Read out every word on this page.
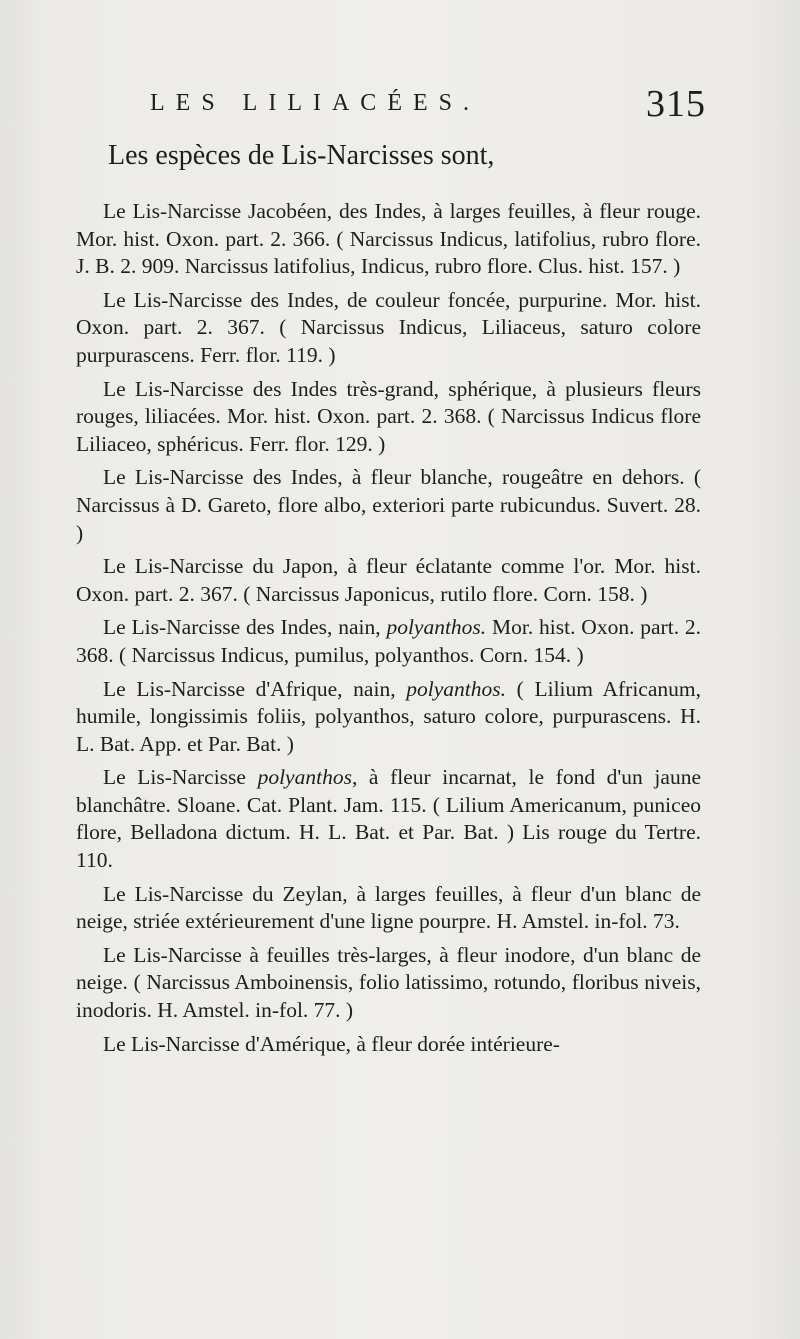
LES LILIACÉES.	315
Les espèces de Lis-Narcisses sont,

Le Lis-Narcisse Jacobéen, des Indes, à larges feuilles, à fleur rouge. Mor. hist. Oxon. part. 2. 366. ( Narcissus Indicus, latifolius, rubro flore. J. B. 2. 909. Narcissus latifolius, Indicus, rubro flore. Clus. hist. 157. )

Le Lis-Narcisse des Indes, de couleur foncée, purpurine. Mor. hist. Oxon. part. 2. 367. ( Narcissus Indicus, Liliaceus, saturo colore purpurascens. Ferr. flor. 119. )

Le Lis-Narcisse des Indes très-grand, sphérique, à plusieurs fleurs rouges, liliacées. Mor. hist. Oxon. part. 2. 368. ( Narcissus Indicus flore Liliaceo, sphéricus. Ferr. flor. 129. )

Le Lis-Narcisse des Indes, à fleur blanche, rougeâtre en dehors. ( Narcissus à D. Gareto, flore albo, exteriori parte rubicundus. Suvert. 28. )

Le Lis-Narcisse du Japon, à fleur éclatante comme l'or. Mor. hist. Oxon. part. 2. 367. ( Narcissus Japonicus, rutilo flore. Corn. 158. )

Le Lis-Narcisse des Indes, nain, polyanthos. Mor. hist. Oxon. part. 2. 368. ( Narcissus Indicus, pumilus, polyanthos. Corn. 154. )

Le Lis-Narcisse d'Afrique, nain, polyanthos. ( Lilium Africanum, humile, longissimis foliis, polyanthos, saturo colore, purpurascens. H. L. Bat. App. et Par. Bat. )

Le Lis-Narcisse polyanthos, à fleur incarnat, le fond d'un jaune blanchâtre. Sloane. Cat. Plant. Jam. 115. ( Lilium Americanum, puniceo flore, Belladona dictum. H. L. Bat. et Par. Bat. ) Lis rouge du Tertre. 110.

Le Lis-Narcisse du Zeylan, à larges feuilles, à fleur d'un blanc de neige, striée extérieurement d'une ligne pourpre. H. Amstel. in-fol. 73.

Le Lis-Narcisse à feuilles très-larges, à fleur inodore, d'un blanc de neige. ( Narcissus Amboinensis, folio latissimo, rotundo, floribus niveis, inodoris. H. Amstel. in-fol. 77. )

Le Lis-Narcisse d'Amérique, à fleur dorée intérieure-
